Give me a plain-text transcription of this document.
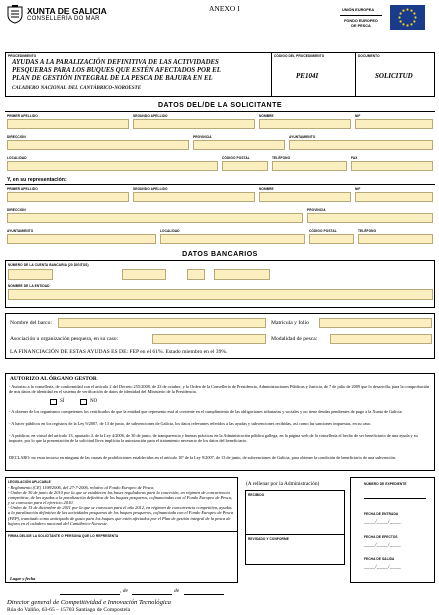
XUNTA DE GALICIA
CONSELLERÍA DO MAR
ANEXO I	UNIÓN EUROPEA
FONDO EUROPEO DE PESCA
PROCEDIMIENTO
AYUDAS A LA PARALIZACIÓN DEFINITIVA DE LAS ACTIVIDADES
PESQUERAS PARA LOS BUQUES QUE ESTÉN AFECTADOS POR EL
PLAN DE GESTIÓN INTEGRAL DE LA PESCA DE BAJURA EN EL
caladero nacional del cantábrico-noroeste
CÓDIGO DEL PROCEDIMIENTO
PE104I
DOCUMENTO
SOLICITUD
DATOS DEL/DE LA SOLICITANTE
PRIMER APELLIDO	SEGUNDO APELLIDO	NOMBRE	NIF
DIRECCIÓN	PROVINCIA	AYUNTAMIENTO
LOCALIDAD	CÓDIGO POSTAL	TELÉFONO	FAX
Y, en su representación:
PRIMER APELLIDO	SEGUNDO APELLIDO	NOMBRE	NIF
DIRECCIÓN	PROVINCIA
AYUNTAMIENTO	LOCALIDAD	CÓDIGO POSTAL	TELÉFONO
DATOS BANCARIOS
NÚMERO DE LA CUENTA BANCARIA (20 DÍGITOS)
NOMBRE DE LA ENTIDAD
Nombre del barco:	Matrícula y folio
Asociación u organización pesquera, en su caso:	Modalidad de pesca:
LA FINANCIACIÓN DE ESTAS AYUDAS ES DE: FEP en el 61%. Estado miembro en el 39%.
AUTORIZO AL ÓRGANO GESTOR
- Autorizo a la consellería, de conformidad con el artículo 2 del Decreto 255/2008, de 23 de octubre, y la Orden de la Consellería de Presidencia, Administraciones Públicas y Justicia, de 7 de julio de 2009 que lo desarrolla, para la comprobación de mis datos de identidad en el sistema de verificación de datos de identidad del Ministerio de la Presidencia.
SÍ	NO
- A obtener de los organismos competentes los certificados de que la entidad que represento está al corriente en el cumplimiento de las obligaciones tributarias y sociales y no tiene deudas pendientes de pago a la Xunta de Galicia.
- A hacer públicos en los registros de la Ley 9/2007, de 13 de junio, de subvenciones de Galicia, los datos relevantes referidos a las ayudas y subvenciones recibidas, así como las sanciones impuestas, en su caso.
- A publicar, en virtud del artículo 13, apartado 4, de la Ley 4/2006, de 30 de junio, de transparencia y buenas prácticas en la Administración pública gallega, en la página web de la consellería el hecho de ser beneficiario de una ayuda y su importe, por lo que la presentación de la solicitud lleva implícita la autorización para el tratamiento necesario de los datos del beneficiario.
DECLARO: no estar incurso en ninguna de las causas de prohibiciones establecidas en el artículo 10º de la Ley 9/2007, de 13 de junio, de subvenciones de Galicia, para obtener la condición de beneficiario de una subvención.
LEGISLACIÓN APLICABLE
- Reglamento (CE) 1198/2006, del 27-7-2006, relativo al Fondo Europeo de Pesca.
- Orden de 30 de junio de 2010 por la que se establecen las bases reguladoras para la concesión, en régimen de concurrencia competitiva, de las ayudas a la paralización definitiva de los buques pesqueros, cofinanciadas con el Fondo Europeo de Pesca, y se convocan para el ejercicio 2010.
- Orden de 15 de diciembre de 2011 por la que se convocan para el año 2012, en régimen de concurrencia competitiva, ayudas a la paralización definitiva de las actividades pesqueras de los buques pesqueros, cofinanciada con el Fondo Europeo de Pesca (FEP), tramitado como anticipado de gasto para los buques que estén afectados por el Plan de gestión integral de la pesca de bajura en el caladero nacional del Cantábrico-Noroeste.
FIRMA DEL/DE LA SOLICITANTE O PERSONA QUE LO REPRESENTA
Lugar y fecha
, de	de
(A rellenar por la Administración)
RECIBIDO
REVISADO Y CONFORME
NÚMERO DE EXPEDIENTE
FECHA DE ENTRADA
____/____/____
FECHA DE EFECTOS
____/____/____
FECHA DE SALIDA
____/____/____
Director general de Competitividad e Innovación Tecnológica
Rúa do Valiño, 63-65 – 15703 Santiago de Compostela
